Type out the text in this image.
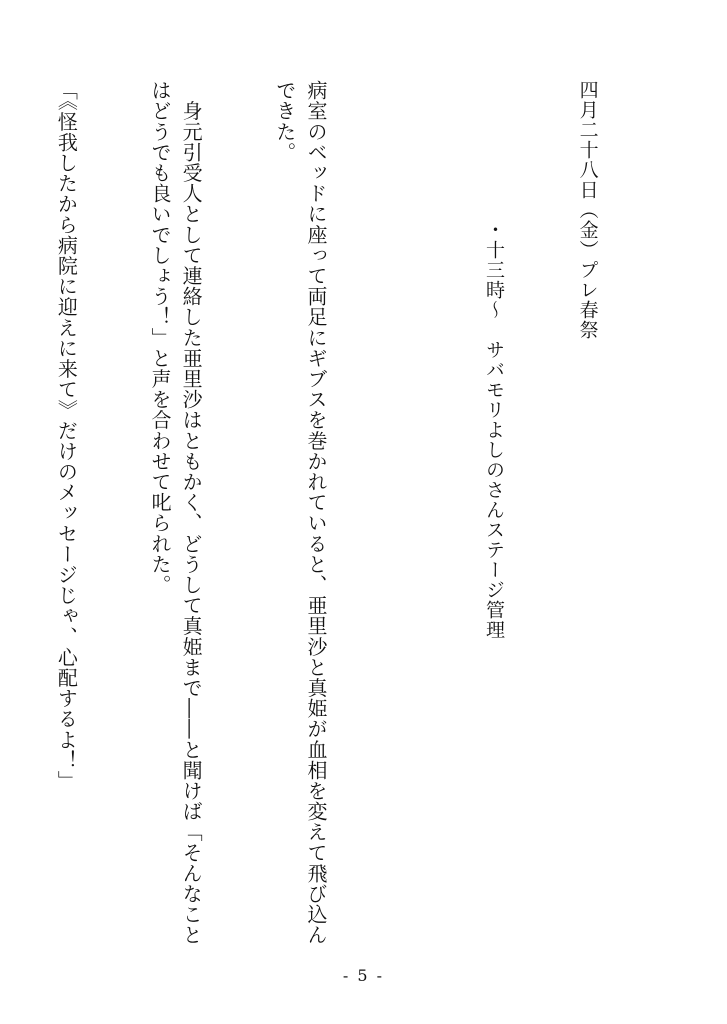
四月二十八日（金）プレ春祭

・十三時～　サバモリよしのさんステージ管理

病室のベッドに座って両足にギブスを巻かれていると、亜里沙と真姫が血相を変えて飛び込んできた。

　身元引受人として連絡した亜里沙はともかく、どうして真姫まで――と聞けば「そんなことはどうでも良いでしょう！」と声を合わせて叱られた。

「《怪我したから病院に迎えに来て》だけのメッセージじゃ、心配するよ！」

- 5 -
